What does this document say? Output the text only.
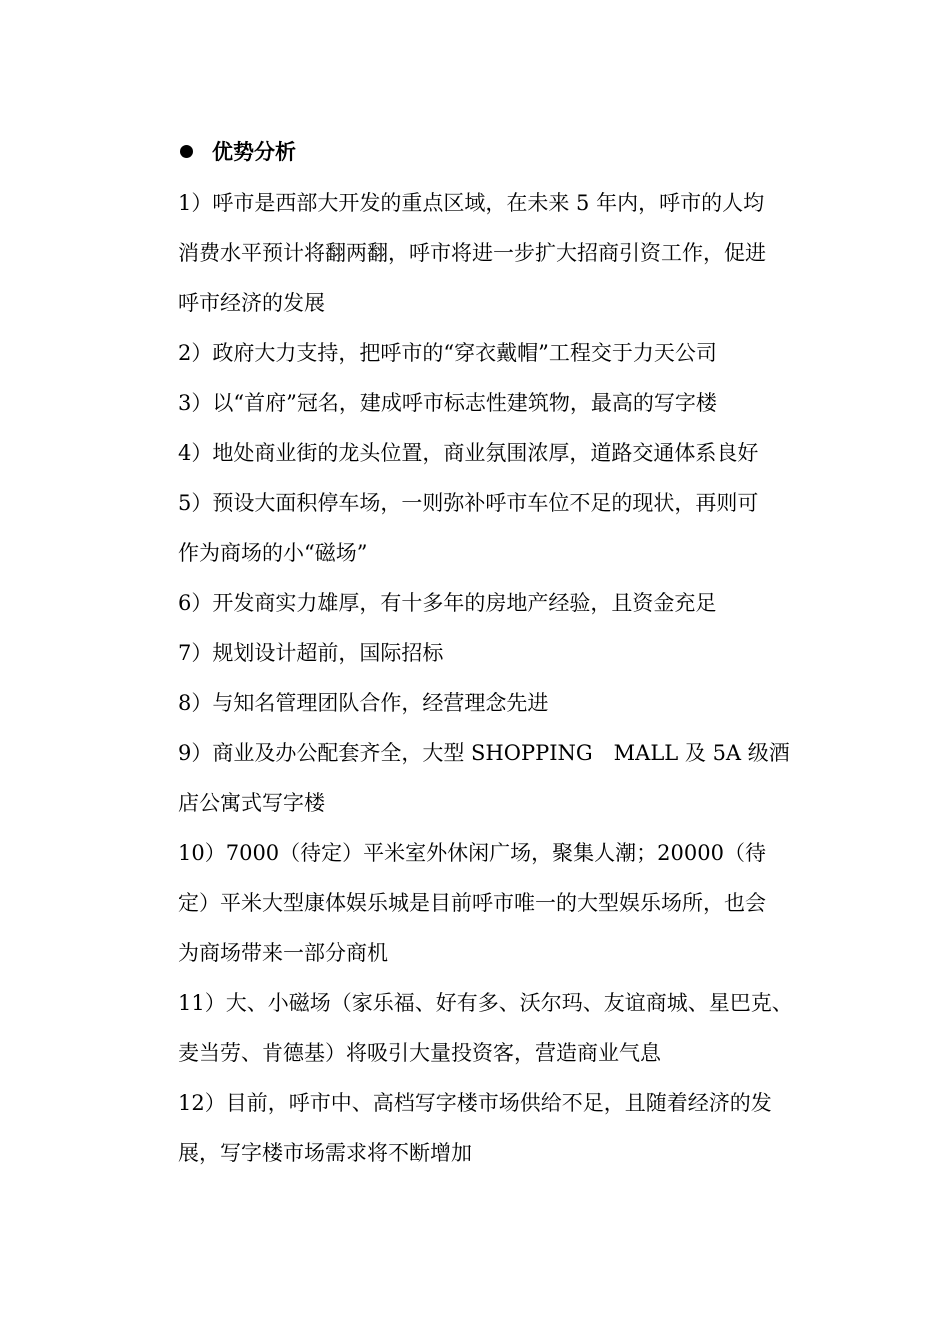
优势分析
1）呼市是西部大开发的重点区域，在未来 5 年内，呼市的人均
消费水平预计将翻两翻，呼市将进一步扩大招商引资工作，促进
呼市经济的发展
2）政府大力支持，把呼市的“穿衣戴帽”工程交于力天公司
3）以“首府”冠名，建成呼市标志性建筑物，最高的写字楼
4）地处商业街的龙头位置，商业氛围浓厚，道路交通体系良好
5）预设大面积停车场，一则弥补呼市车位不足的现状，再则可
作为商场的小“磁场”
6）开发商实力雄厚，有十多年的房地产经验，且资金充足
7）规划设计超前，国际招标
8）与知名管理团队合作，经营理念先进
9）商业及办公配套齐全，大型 SHOPPING　MALL 及 5A 级酒
店公寓式写字楼
10）7000（待定）平米室外休闲广场，聚集人潮；20000（待
定）平米大型康体娱乐城是目前呼市唯一的大型娱乐场所，也会
为商场带来一部分商机
11）大、小磁场（家乐福、好有多、沃尔玛、友谊商城、星巴克、
麦当劳、肯德基）将吸引大量投资客，营造商业气息
12）目前，呼市中、高档写字楼市场供给不足，且随着经济的发
展，写字楼市场需求将不断增加
